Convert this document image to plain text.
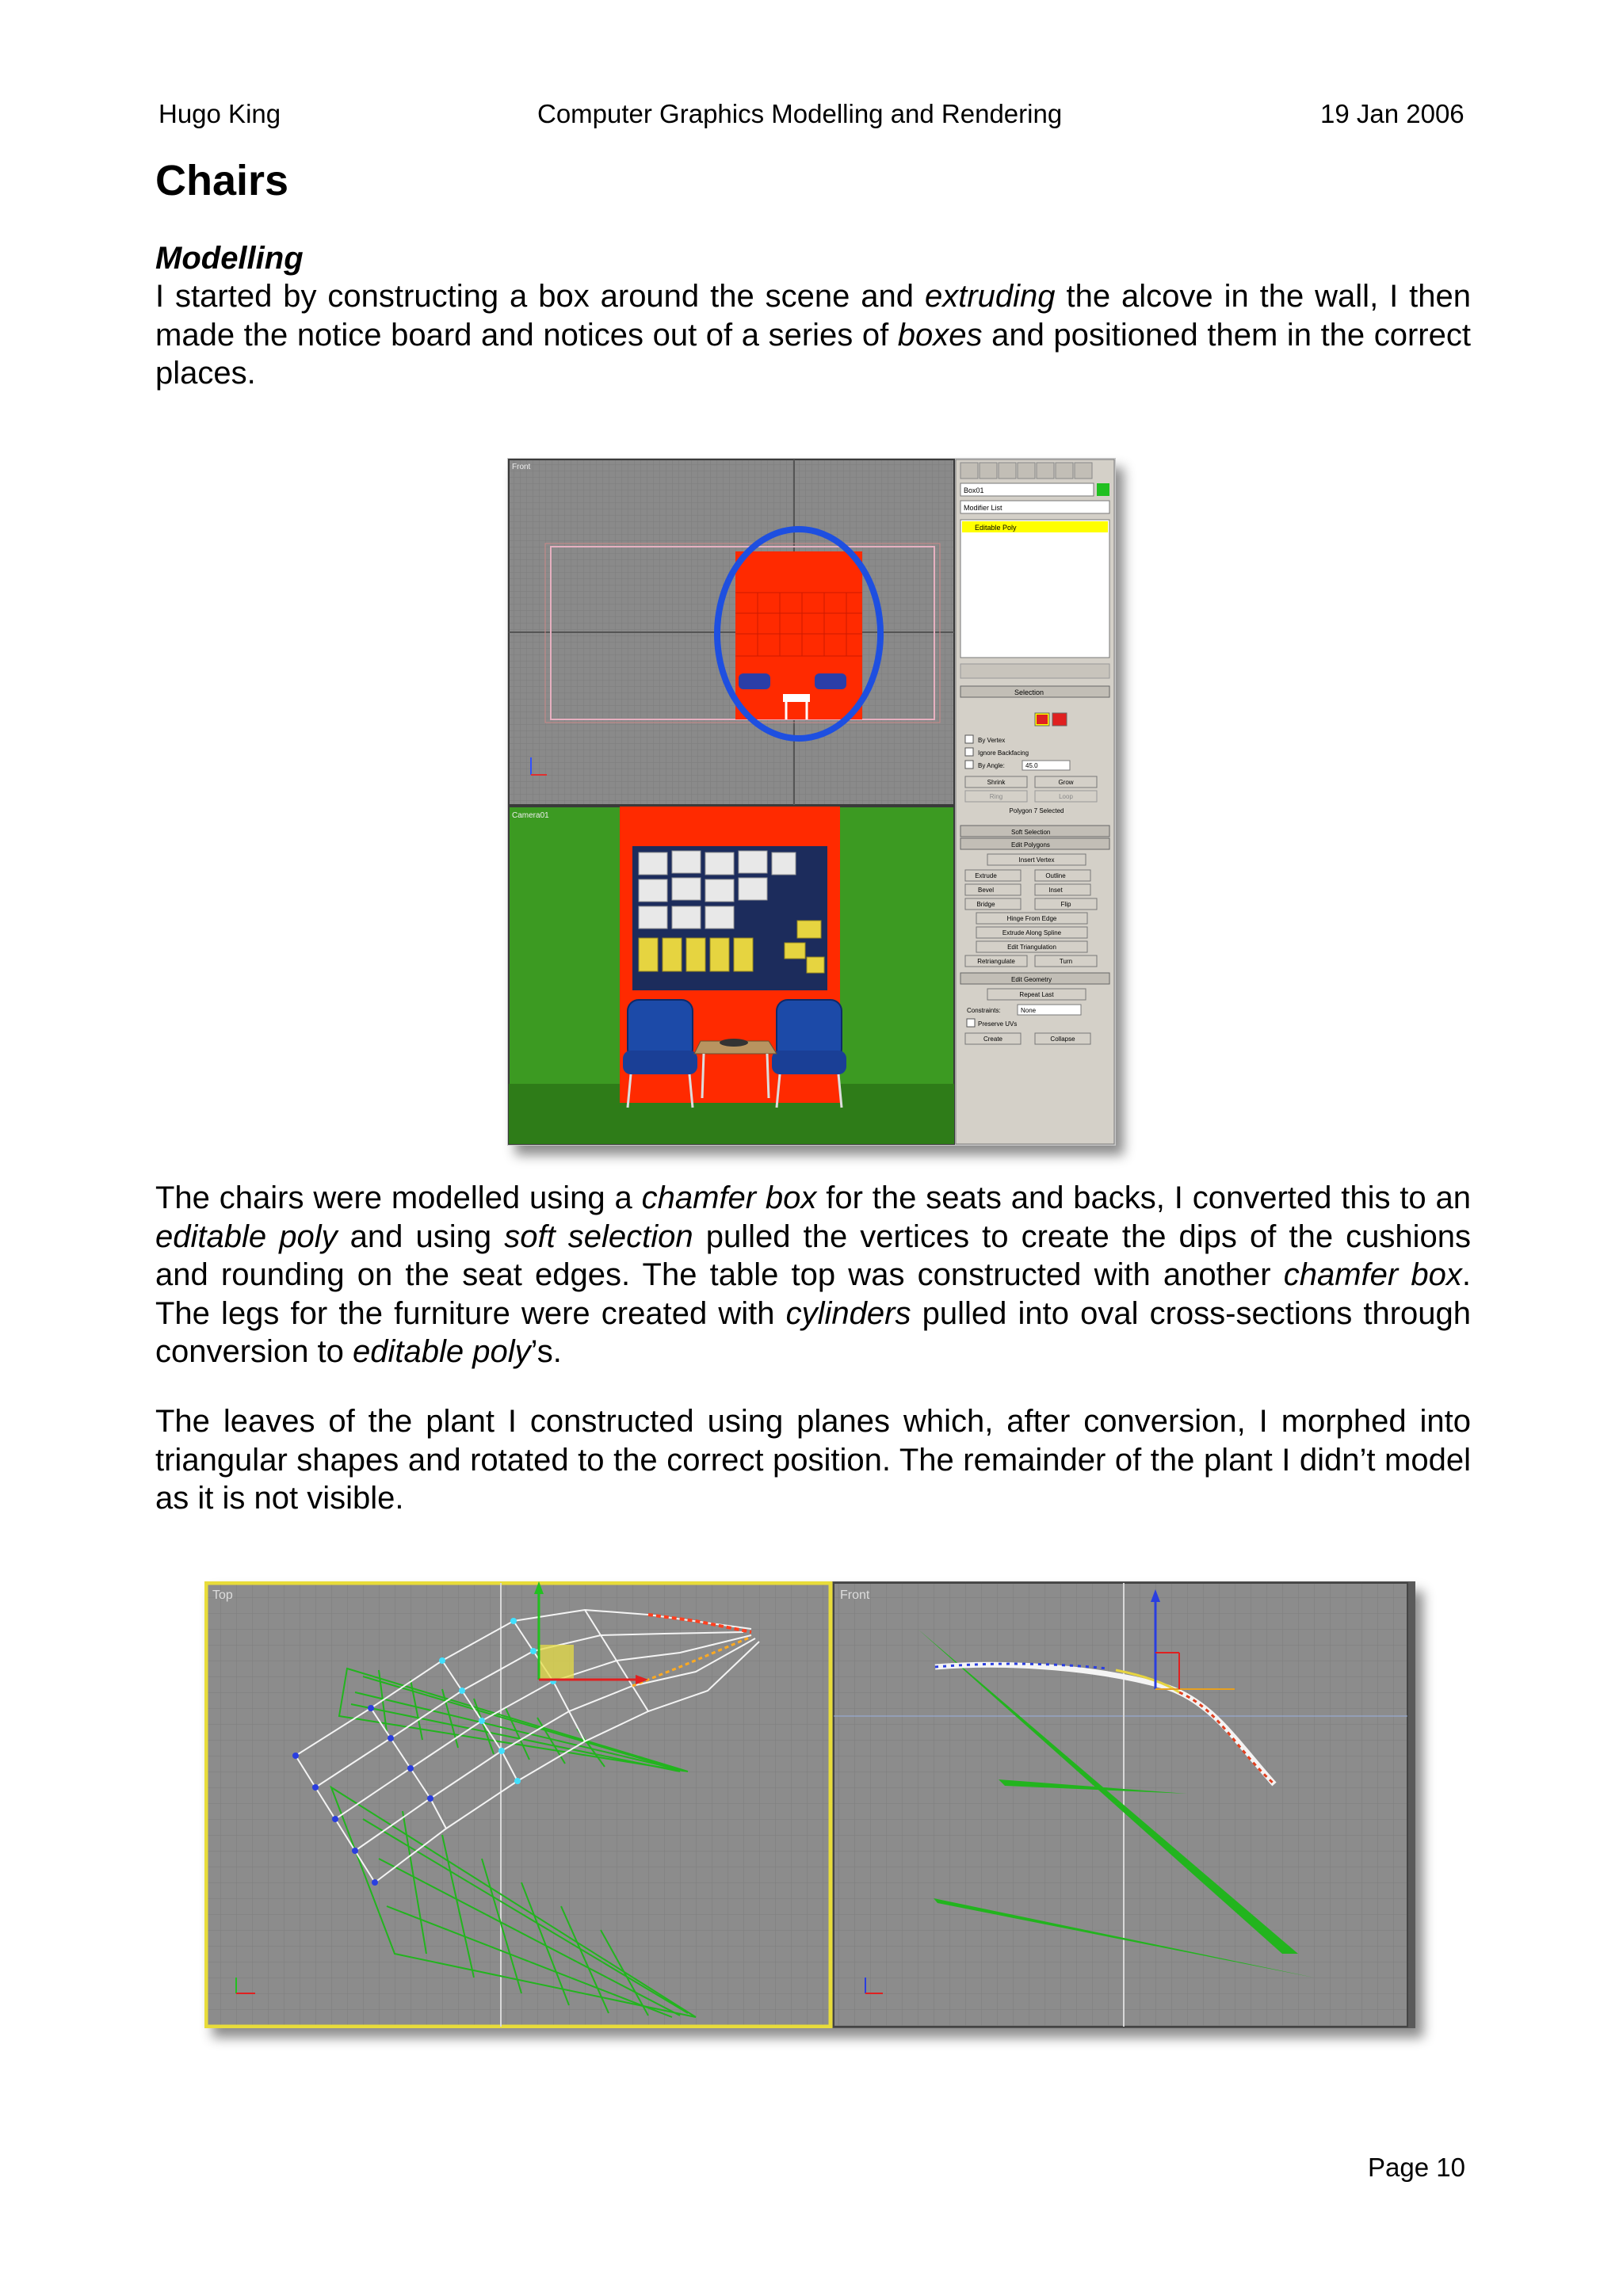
Hugo King	Computer Graphics Modelling and Rendering	19 Jan 2006
Chairs
Modelling

I started by constructing a box around the scene and extruding the alcove in the wall, I then made the notice board and notices out of a series of boxes and positioned them in the correct places.

Front
Camera01
Box01
Modifier List
Editable Poly
Selection
By Vertex
Ignore Backfacing
By Angle:	45.0
Shrink	Grow
Ring	Loop
Polygon 7 Selected
Soft Selection
Edit Polygons
Insert Vertex
Extrude	Outline
Bevel	Inset
Bridge	Flip
Hinge From Edge
Extrude Along Spline
Edit Triangulation
Retriangulate	Turn
Edit Geometry
Repeat Last
Constraints:	None
Preserve UVs
Create	Collapse

The chairs were modelled using a chamfer box for the seats and backs, I converted this to an editable poly and using soft selection pulled the vertices to create the dips of the cushions and rounding on the seat edges. The table top was constructed with another chamfer box. The legs for the furniture were created with cylinders pulled into oval cross-sections through conversion to editable poly’s.

The leaves of the plant I constructed using planes which, after conversion, I morphed into triangular shapes and rotated to the correct position. The remainder of the plant I didn’t model as it is not visible.

Top	Front
Page 10
